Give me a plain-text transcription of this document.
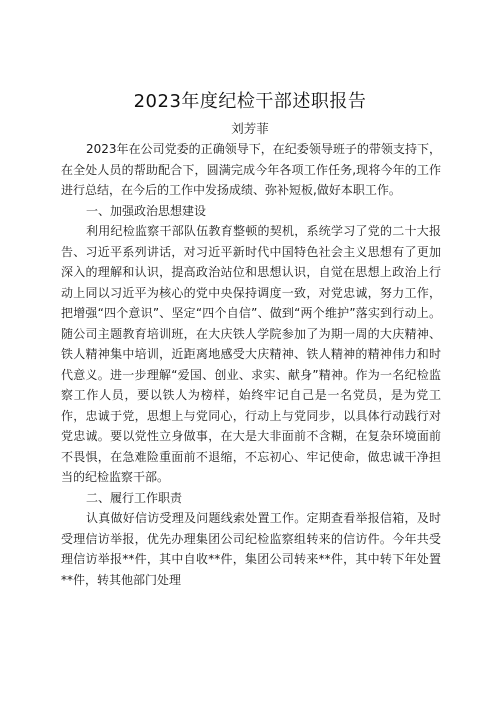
2023年度纪检干部述职报告
刘芳菲

2023年在公司党委的正确领导下，在纪委领导班子的带领支持下，在全处人员的帮助配合下，圆满完成今年各项工作任务,现将今年的工作进行总结，在今后的工作中发扬成绩、弥补短板,做好本职工作。

一、加强政治思想建设

利用纪检监察干部队伍教育整顿的契机，系统学习了党的二十大报告、习近平系列讲话，对习近平新时代中国特色社会主义思想有了更加深入的理解和认识，提高政治站位和思想认识，自觉在思想上政治上行动上同以习近平为核心的党中央保持调度一致，对党忠诚，努力工作，把增强“四个意识”、坚定“四个自信”、做到“两个维护”落实到行动上。随公司主题教育培训班，在大庆铁人学院参加了为期一周的大庆精神、铁人精神集中培训，近距离地感受大庆精神、铁人精神的精神伟力和时代意义。进一步理解“爱国、创业、求实、献身”精神。作为一名纪检监察工作人员，要以铁人为榜样，始终牢记自己是一名党员，是为党工作，忠诚于党，思想上与党同心，行动上与党同步，以具体行动践行对党忠诚。要以党性立身做事，在大是大非面前不含糊，在复杂环境面前不畏惧，在急难险重面前不退缩，不忘初心、牢记使命，做忠诚干净担当的纪检监察干部。

二、履行工作职责

认真做好信访受理及问题线索处置工作。定期查看举报信箱，及时受理信访举报，优先办理集团公司纪检监察组转来的信访件。今年共受理信访举报**件，其中自收**件，集团公司转来**件，其中转下年处置**件，转其他部门处理
